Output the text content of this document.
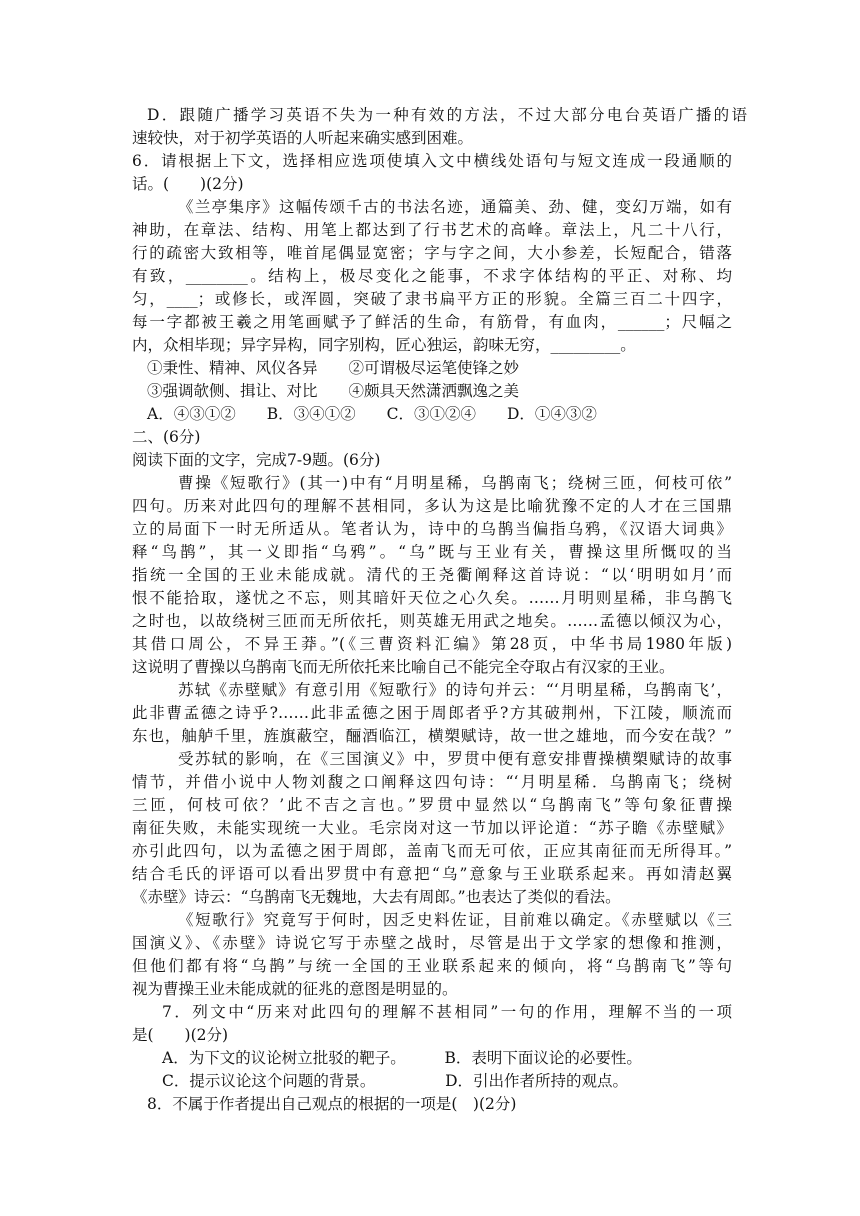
D．跟随广播学习英语不失为一种有效的方法，不过大部分电台英语广播的语
速较快，对于初学英语的人听起来确实感到困难。
6．请根据上下文，选择相应选项使填入文中横线处语句与短文连成一段通顺的
话。(　　)(2分)
《兰亭集序》这幅传颂千古的书法名迹，通篇美、劲、健，变幻万端，如有
神助，在章法、结构、用笔上都达到了行书艺术的高峰。章法上，凡二十八行，
行的疏密大致相等，唯首尾偶显宽密；字与字之间，大小参差，长短配合，错落
有致，________。结构上，极尽变化之能事，不求字体结构的平正、对称、均
匀，____；或修长，或浑圆，突破了隶书扁平方正的形貌。全篇三百二十四字，
每一字都被王羲之用笔画赋予了鲜活的生命，有筋骨，有血肉，______；尺幅之
内，众相毕现；异字异构，同字别构，匠心独运，韵味无穷，_________。
①秉性、精神、风仪各异　　②可谓极尽运笔使锋之妙
③强调欹侧、揖让、对比　　④颇具天然潇洒飘逸之美
A．④③①②　　B．③④①②　　C．③①②④　　D．①④③②
二、(6分)
阅读下面的文字，完成7-9题。(6分)
曹操《短歌行》(其一)中有“月明星稀，乌鹊南飞；绕树三匝，何枝可依”
四句。历来对此四句的理解不甚相同，多认为这是比喻犹豫不定的人才在三国鼎
立的局面下一时无所适从。笔者认为，诗中的乌鹊当偏指乌鸦，《汉语大词典》
释“鸟鹊”，其一义即指“乌鸦”。“乌”既与王业有关，曹操这里所慨叹的当
指统一全国的王业未能成就。清代的王尧衢阐释这首诗说：“以‘明明如月’而
恨不能拾取，遂忧之不忘，则其暗奸天位之心久矣。……月明则星稀，非乌鹊飞
之时也，以故绕树三匝而无所依托，则英雄无用武之地矣。……孟德以倾汉为心，
其借口周公，不异王莽。”(《三曹资料汇编》第28页，中华书局1980年版)
这说明了曹操以乌鹊南飞而无所依托来比喻自己不能完全夺取占有汉家的王业。
苏轼《赤壁赋》有意引用《短歌行》的诗句并云：“‘月明星稀，乌鹊南飞’，
此非曹孟德之诗乎?……此非孟德之困于周郎者乎?方其破荆州，下江陵，顺流而
东也，舳舻千里，旌旗蔽空，酾酒临江，横槊赋诗，故一世之雄地，而今安在哉？”
受苏轼的影响，在《三国演义》中，罗贯中便有意安排曹操横槊赋诗的故事
情节，并借小说中人物刘馥之口阐释这四句诗：“‘月明星稀．乌鹊南飞；绕树
三匝，何枝可依？’此不吉之言也。”罗贯中显然以“乌鹊南飞”等句象征曹操
南征失败，未能实现统一大业。毛宗岗对这一节加以评论道：“苏子瞻《赤壁赋》
亦引此四句，以为孟德之困于周郎，盖南飞而无可依，正应其南征而无所得耳。”
结合毛氏的评语可以看出罗贯中有意把“乌”意象与王业联系起来。再如清赵翼
《赤壁》诗云：“乌鹊南飞无魏地，大去有周郎。”也表达了类似的看法。
《短歌行》究竟写于何时，因乏史料佐证，目前难以确定。《赤壁赋以《三
国演义》、《赤壁》诗说它写于赤壁之战时，尽管是出于文学家的想像和推测，
但他们都有将“乌鹊”与统一全国的王业联系起来的倾向，将“乌鹊南飞”等句
视为曹操王业未能成就的征兆的意图是明显的。
7．列文中“历来对此四句的理解不甚相同”一句的作用，理解不当的一项
是(　　)(2分)
A．为下文的议论树立批驳的靶子。　　　B．表明下面议论的必要性。
C．提示议论这个问题的背景。　　　　　D．引出作者所持的观点。
8．不属于作者提出自己观点的根据的一项是(　)(2分)
